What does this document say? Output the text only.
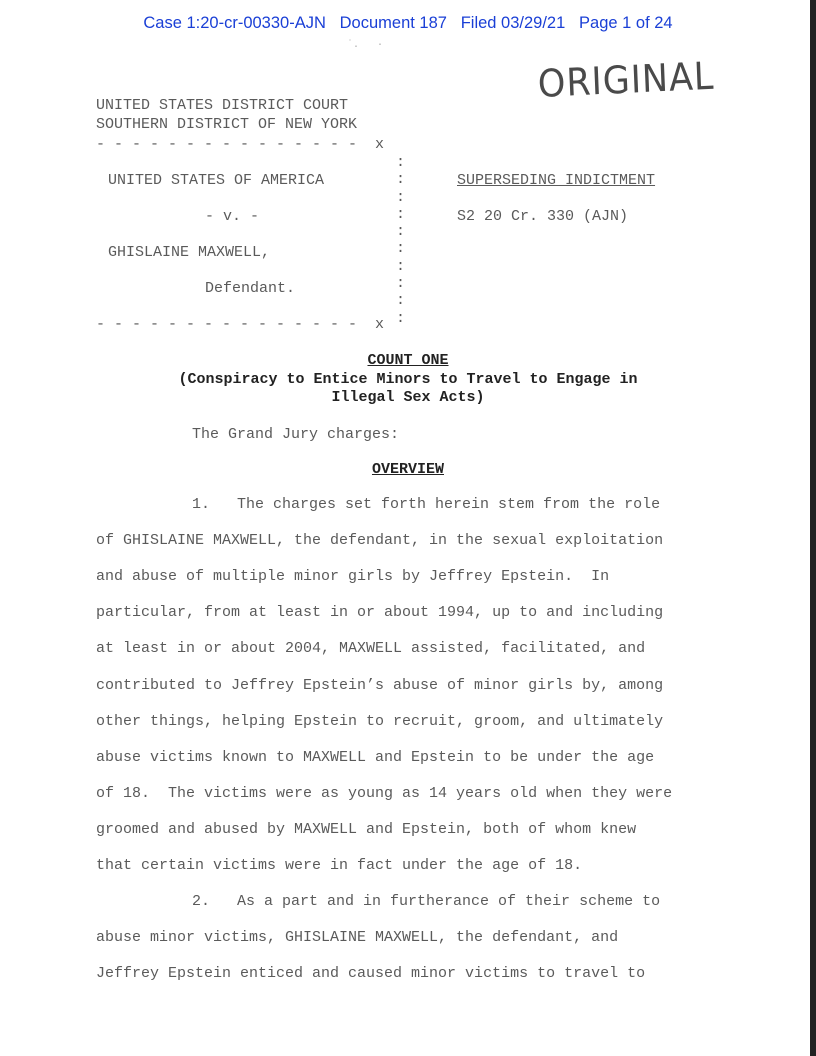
Case 1:20-cr-00330-AJN   Document 187   Filed 03/29/21   Page 1 of 24
˙.   ·
ORIGINAL
UNITED STATES DISTRICT COURT
SOUTHERN DISTRICT OF NEW YORK
- - - - - - - - - - - - - - -  x
:
:
:
:
:
:
:
:
:
:
UNITED STATES OF AMERICA
- v. -
GHISLAINE MAXWELL,
Defendant.
SUPERSEDING INDICTMENT
S2 20 Cr. 330 (AJN)
- - - - - - - - - - - - - - -  x
COUNT ONE
(Conspiracy to Entice Minors to Travel to Engage in
Illegal Sex Acts)
The Grand Jury charges:
OVERVIEW
1.   The charges set forth herein stem from the role
of GHISLAINE MAXWELL, the defendant, in the sexual exploitation
and abuse of multiple minor girls by Jeffrey Epstein.  In
particular, from at least in or about 1994, up to and including
at least in or about 2004, MAXWELL assisted, facilitated, and
contributed to Jeffrey Epstein’s abuse of minor girls by, among
other things, helping Epstein to recruit, groom, and ultimately
abuse victims known to MAXWELL and Epstein to be under the age
of 18.  The victims were as young as 14 years old when they were
groomed and abused by MAXWELL and Epstein, both of whom knew
that certain victims were in fact under the age of 18.
2.   As a part and in furtherance of their scheme to
abuse minor victims, GHISLAINE MAXWELL, the defendant, and
Jeffrey Epstein enticed and caused minor victims to travel to
